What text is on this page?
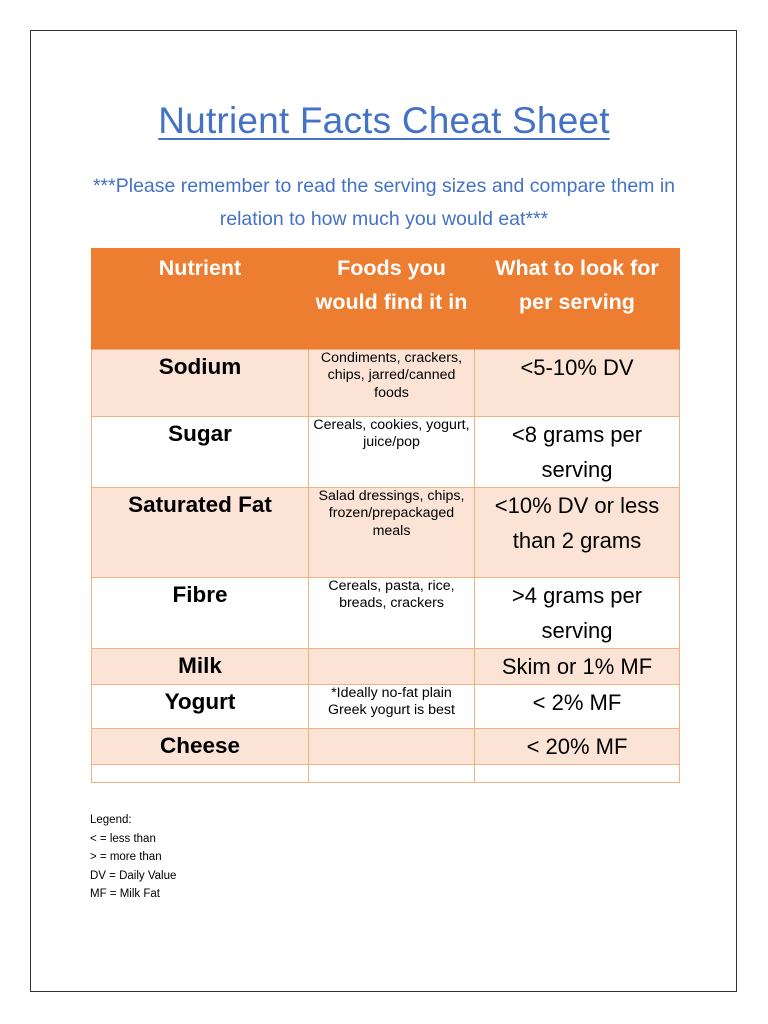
Nutrient Facts Cheat Sheet
***Please remember to read the serving sizes and compare them in relation to how much you would eat***
Nutrient	Foods you would find it in	What to look for per serving
Sodium	Condiments, crackers, chips, jarred/canned foods	<5-10% DV
Sugar	Cereals, cookies, yogurt, juice/pop	<8 grams per serving
Saturated Fat	Salad dressings, chips, frozen/prepackaged meals	<10% DV or less than 2 grams
Fibre	Cereals, pasta, rice, breads, crackers	>4 grams per serving
Milk		Skim or 1% MF
Yogurt	*Ideally no-fat plain Greek yogurt is best	< 2% MF
Cheese		< 20% MF

Legend:
< = less than
> = more than
DV = Daily Value
MF = Milk Fat
